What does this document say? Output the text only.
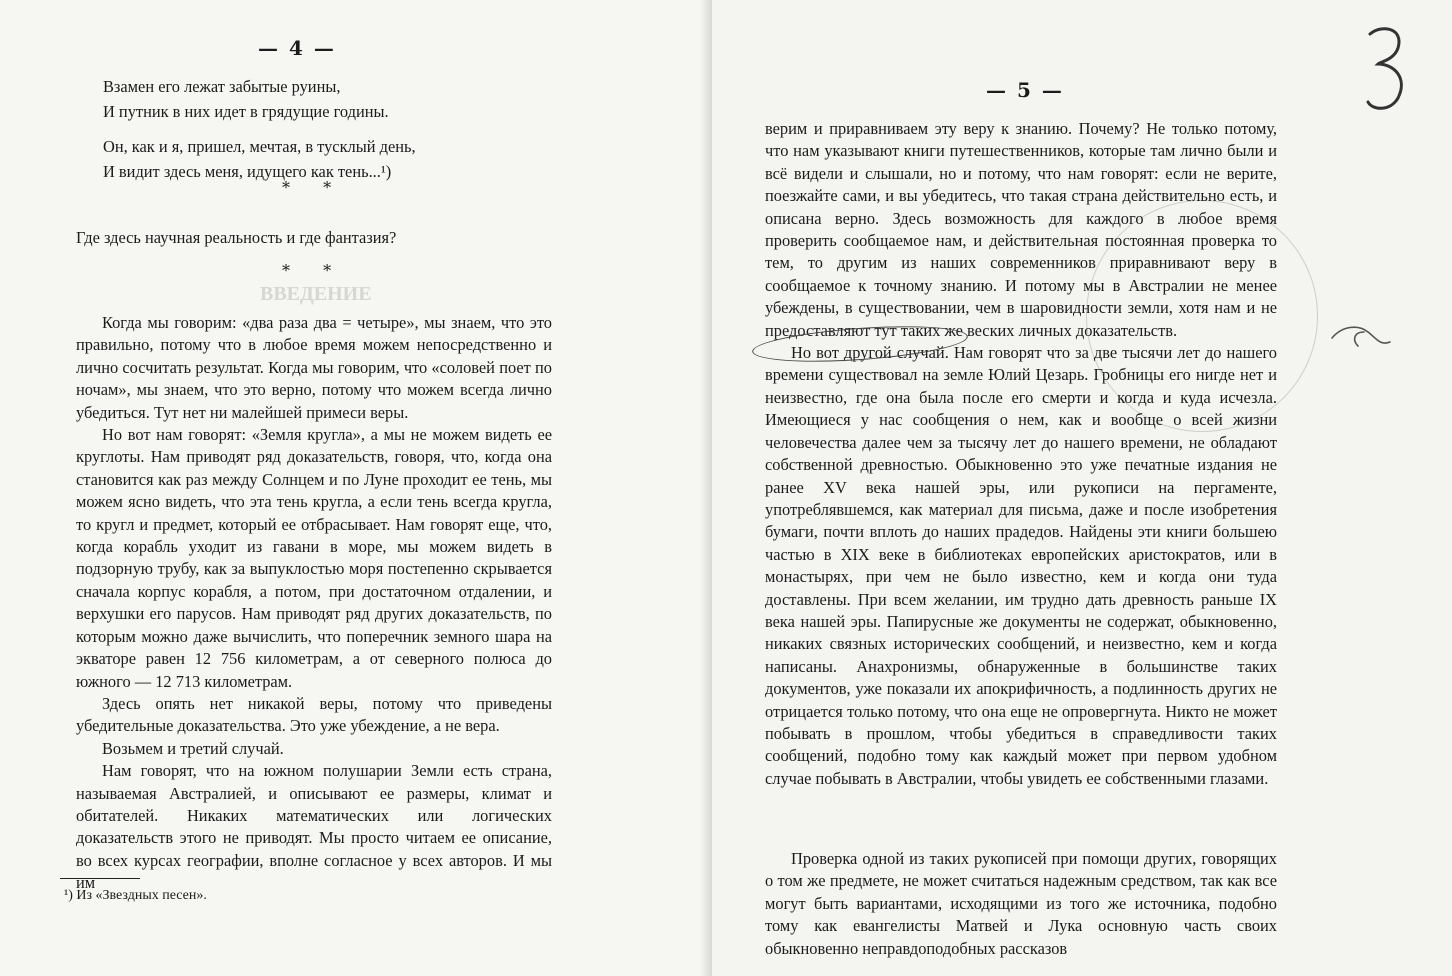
— 4 —
ВВЕДЕНИЕ
Взамен его лежат забытые руины,
И путник в них идет в грядущие годины.
Он, как и я, пришел, мечтая, в тусклый день,
И видит здесь меня, идущего как тень...¹)
* *
Где здесь научная реальность и где фантазия?
* *

Когда мы говорим: «два раза два = четыре», мы знаем, что это правильно, потому что в любое время можем непосредственно и лично сосчитать результат. Когда мы говорим, что «соловей поет по ночам», мы знаем, что это верно, потому что можем всегда лично убедиться. Тут нет ни малейшей примеси веры.

Но вот нам говорят: «Земля кругла», а мы не можем видеть ее круглоты. Нам приводят ряд доказательств, говоря, что, когда она становится как раз между Солнцем и по Луне проходит ее тень, мы можем ясно видеть, что эта тень кругла, а если тень всегда кругла, то кругл и предмет, который ее отбрасывает. Нам говорят еще, что, когда корабль уходит из гавани в море, мы можем видеть в подзорную трубу, как за выпуклостью моря постепенно скрывается сначала корпус корабля, а потом, при достаточном отдалении, и верхушки его парусов. Нам приводят ряд других доказательств, по которым можно даже вычислить, что поперечник земного шара на экваторе равен 12 756 километрам, а от северного полюса до южного — 12 713 километрам.

Здесь опять нет никакой веры, потому что приведены убедительные доказательства. Это уже убеждение, а не вера.

Возьмем и третий случай.

Нам говорят, что на южном полушарии Земли есть страна, называемая Австралией, и описывают ее размеры, климат и обитателей. Никаких математических или логических доказательств этого не приводят. Мы просто читаем ее описание, во всех курсах географии, вполне согласное у всех авторов. И мы им

¹) Из «Звездных песен».
— 5 —

верим и приравниваем эту веру к знанию. Почему? Не только потому, что нам указывают книги путешественников, которые там лично были и всё видели и слышали, но и потому, что нам говорят: если не верите, поезжайте сами, и вы убедитесь, что такая страна действительно есть, и описана верно. Здесь возможность для каждого в любое время проверить сообщаемое нам, и действительная постоянная проверка то тем, то другим из наших современников приравнивают веру в сообщаемое к точному знанию. И потому мы в Австралии не менее убеждены, в существовании, чем в шаровидности земли, хотя нам и не предоставляют тут таких же веских личных доказательств.

Но вот другой случай. Нам говорят что за две тысячи лет до нашего времени существовал на земле Юлий Цезарь. Гробницы его нигде нет и неизвестно, где она была после его смерти и когда и куда исчезла. Имеющиеся у нас сообщения о нем, как и вообще о всей жизни человечества далее чем за тысячу лет до нашего времени, не обладают собственной древностью. Обыкновенно это уже печатные издания не ранее XV века нашей эры, или рукописи на пергаменте, употреблявшемся, как материал для письма, даже и после изобретения бумаги, почти вплоть до наших прадедов. Найдены эти книги большею частью в XIX веке в библиотеках европейских аристократов, или в монастырях, при чем не было известно, кем и когда они туда доставлены. При всем желании, им трудно дать древность раньше IX века нашей эры. Папирусные же документы не содержат, обыкновенно, никаких связных исторических сообщений, и неизвестно, кем и когда написаны. Анахронизмы, обнаруженные в большинстве таких документов, уже показали их апокрифичность, а подлинность других не отрицается только потому, что она еще не опровергнута. Никто не может побывать в прошлом, чтобы убедиться в справедливости таких сообщений, подобно тому как каждый может при первом удобном случае побывать в Австралии, чтобы увидеть ее собственными глазами.

Проверка одной из таких рукописей при помощи других, говорящих о том же предмете, не может считаться надежным средством, так как все могут быть вариантами, исходящими из того же источника, подобно тому как евангелисты Матвей и Лука основную часть своих обыкновенно неправдоподобных рассказов
